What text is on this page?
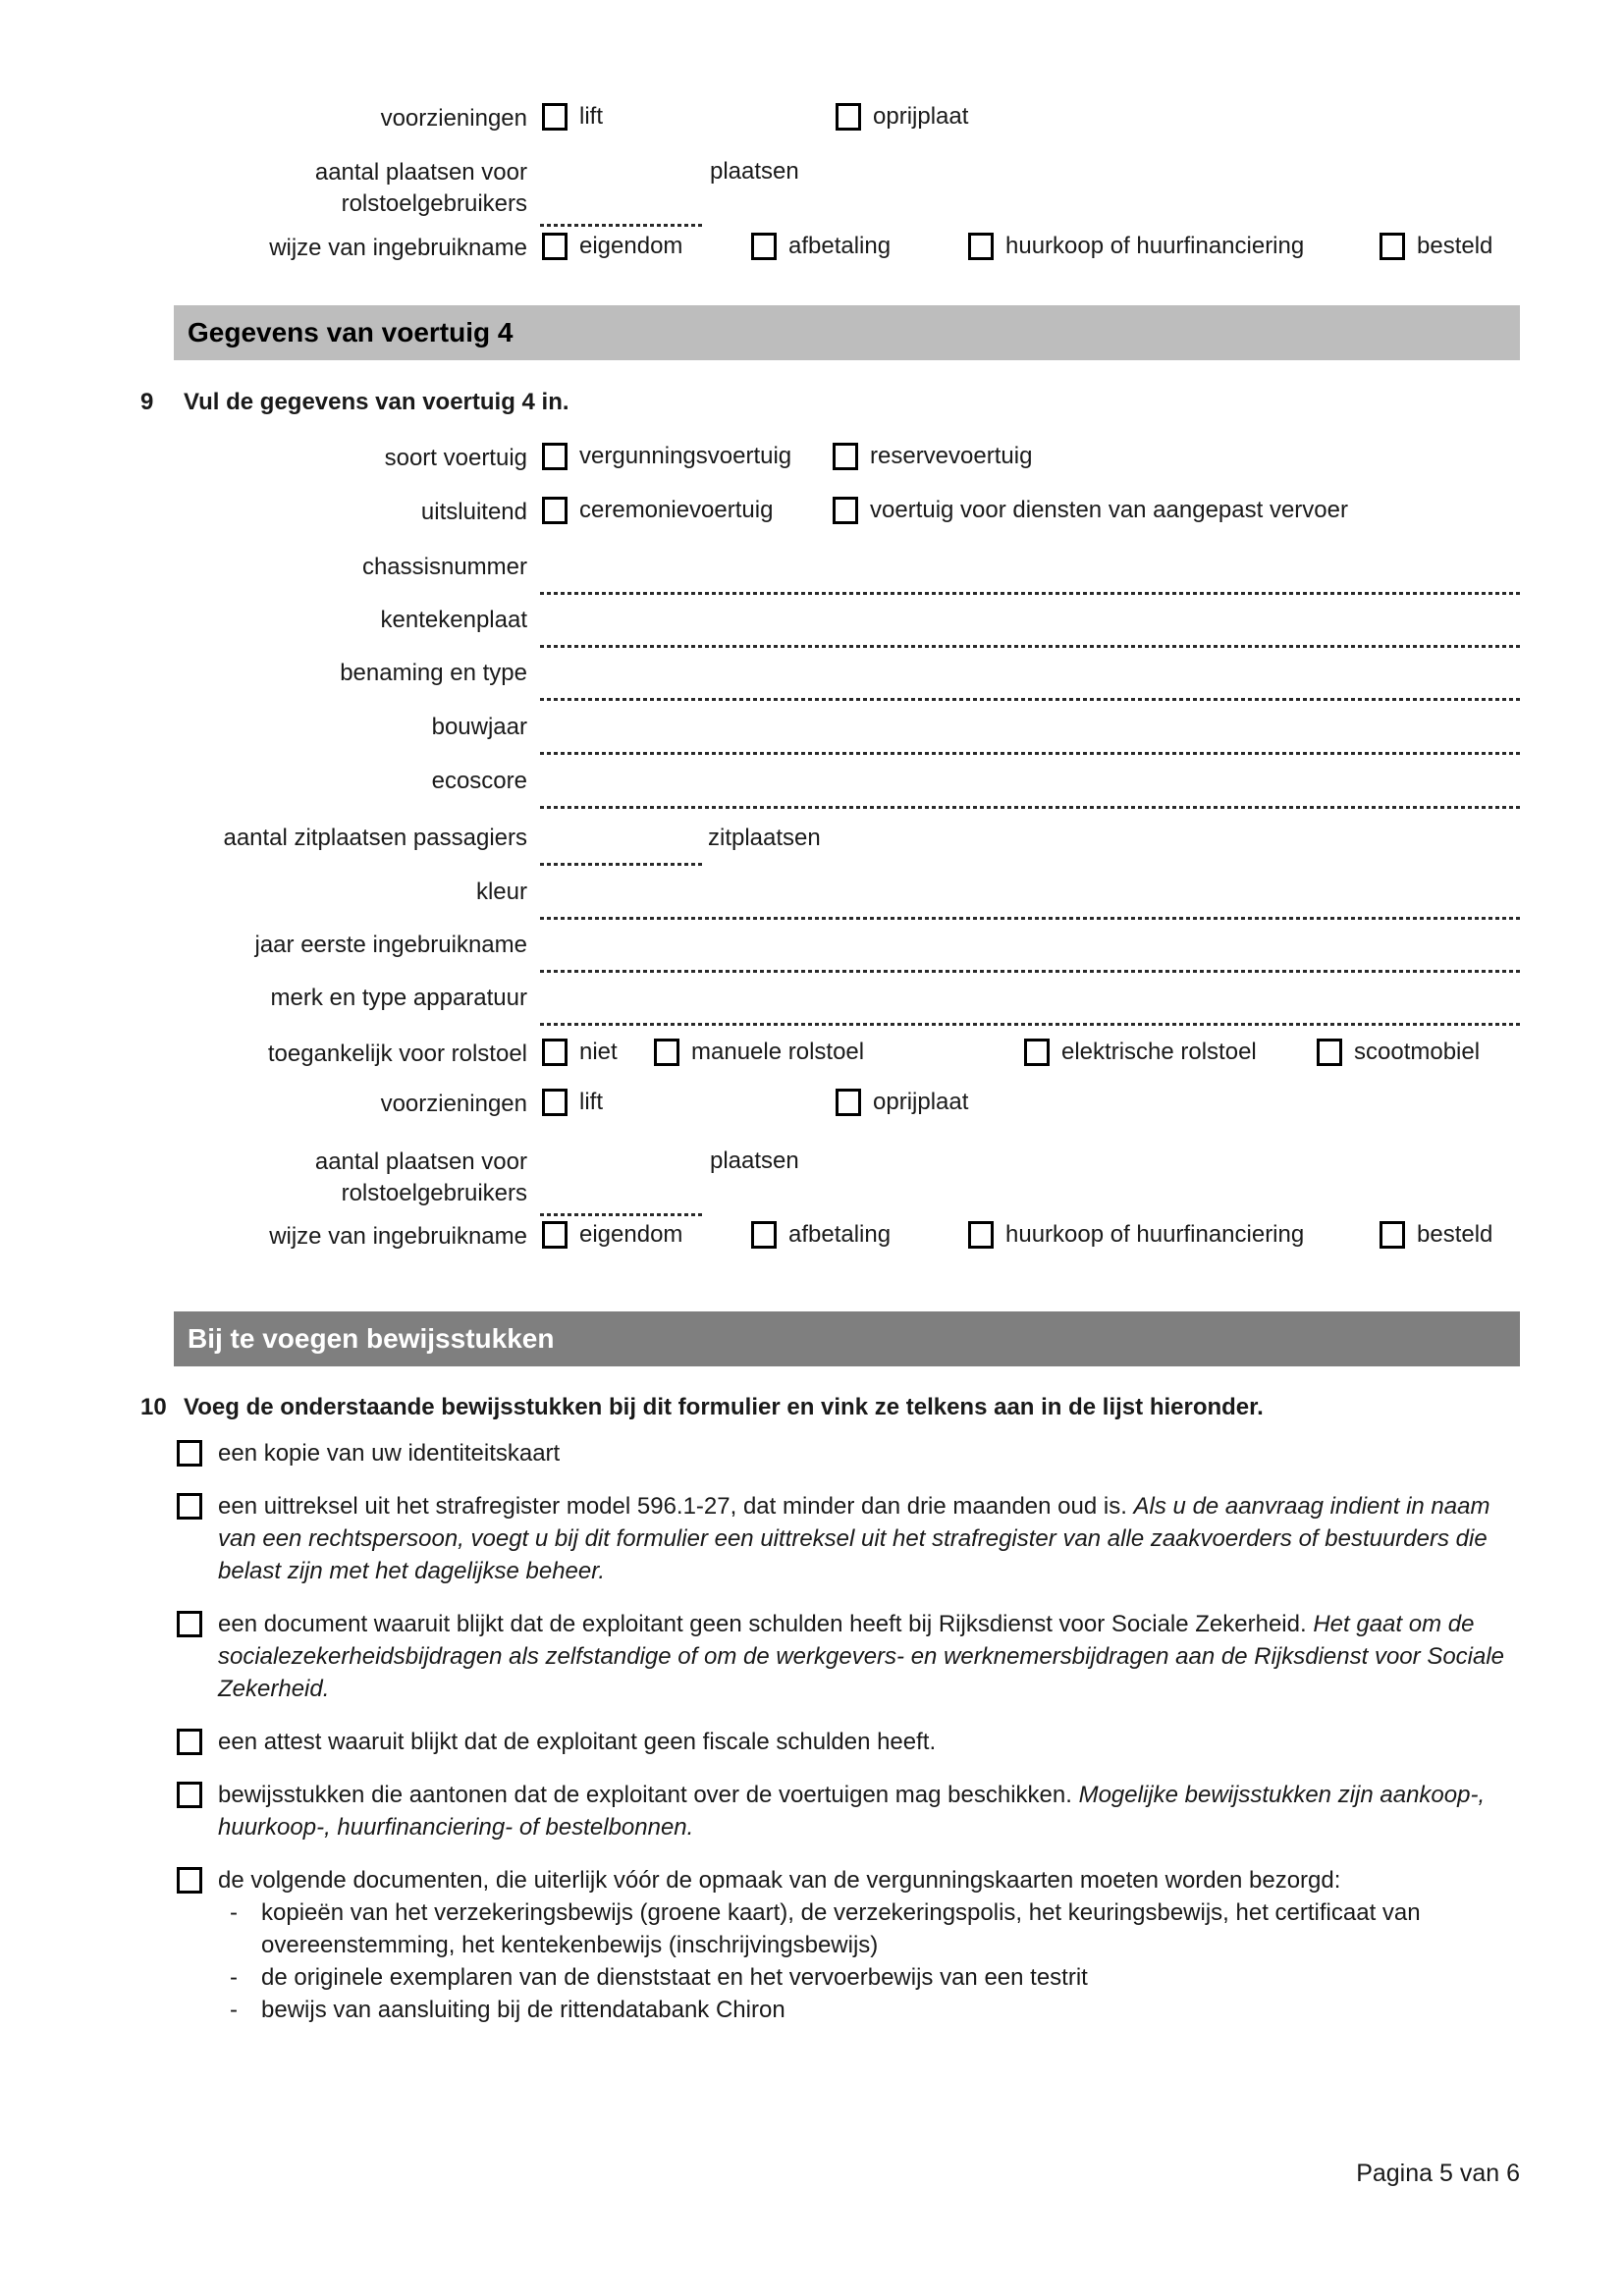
voorzieningen lift	oprijplaat
aantal plaatsen voor
rolstoelgebruikers
plaatsen
wijze van ingebruikname eigendom	afbetaling	huurkoop of huurfinanciering	besteld
Gegevens van voertuig 4
9 Vul de gegevens van voertuig 4 in.
soort voertuig vergunningsvoertuig	reservevoertuig
uitsluitend ceremonievoertuig	voertuig voor diensten van aangepast vervoer
chassisnummer
kentekenplaat
benaming en type
bouwjaar
ecoscore
aantal zitplaatsen passagiers	zitplaatsen
kleur
jaar eerste ingebruikname
merk en type apparatuur
toegankelijk voor rolstoel niet	manuele rolstoel	elektrische rolstoel	scootmobiel
voorzieningen lift	oprijplaat
aantal plaatsen voor
rolstoelgebruikers
plaatsen
wijze van ingebruikname eigendom	afbetaling	huurkoop of huurfinanciering	besteld
Bij te voegen bewijsstukken
10 Voeg de onderstaande bewijsstukken bij dit formulier en vink ze telkens aan in de lijst hieronder.
een kopie van uw identiteitskaart
een uittreksel uit het strafregister model 596.1-27, dat minder dan drie maanden oud is. Als u de aanvraag indient in naam van een rechtspersoon, voegt u bij dit formulier een uittreksel uit het strafregister van alle zaakvoerders of bestuurders die belast zijn met het dagelijkse beheer.
een document waaruit blijkt dat de exploitant geen schulden heeft bij Rijksdienst voor Sociale Zekerheid. Het gaat om de socialezekerheidsbijdragen als zelfstandige of om de werkgevers- en werknemersbijdragen aan de Rijksdienst voor Sociale Zekerheid.
een attest waaruit blijkt dat de exploitant geen fiscale schulden heeft.
bewijsstukken die aantonen dat de exploitant over de voertuigen mag beschikken. Mogelijke bewijsstukken zijn aankoop-, huurkoop-, huurfinanciering- of bestelbonnen.
de volgende documenten, die uiterlijk vóór de opmaak van de vergunningskaarten moeten worden bezorgd:
-	kopieën van het verzekeringsbewijs (groene kaart), de verzekeringspolis, het keuringsbewijs, het certificaat van overeenstemming, het kentekenbewijs (inschrijvingsbewijs)
-	de originele exemplaren van de dienststaat en het vervoerbewijs van een testrit
-	bewijs van aansluiting bij de rittendatabank Chiron
Pagina 5 van 6
